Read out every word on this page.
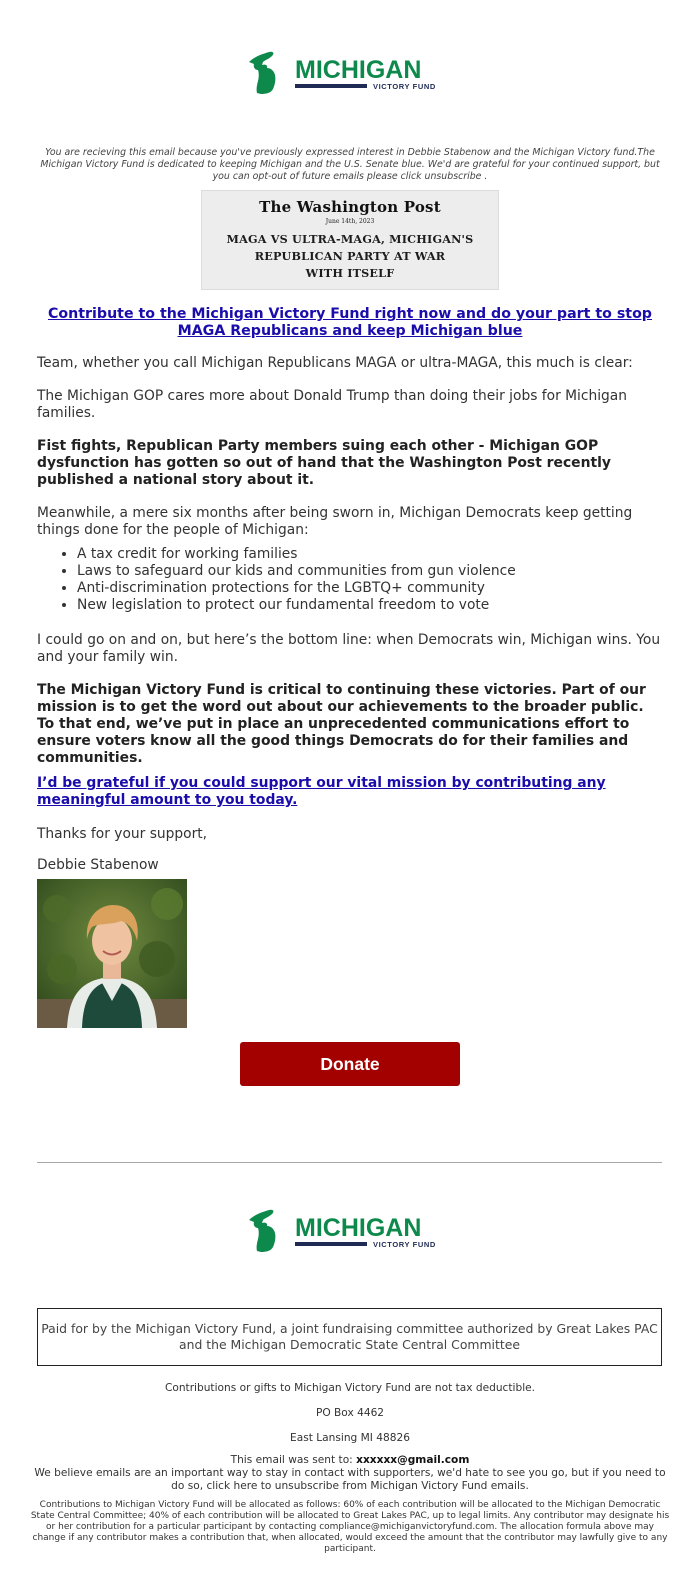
MICHIGAN
VICTORY FUND

You are recieving this email because you've previously expressed interest in Debbie Stabenow and the Michigan Victory fund.The Michigan Victory Fund is dedicated to keeping Michigan and the U.S. Senate blue. We'd are grateful for your continued support, but you can opt-out of future emails please click unsubscribe .

The Washington Post
June 14th, 2023
MAGA VS ULTRA-MAGA, MICHIGAN'S
REPUBLICAN PARTY AT WAR
WITH ITSELF
Contribute to the Michigan Victory Fund right now and do your part to stop MAGA Republicans and keep Michigan blue

Team, whether you call Michigan Republicans MAGA or ultra-MAGA, this much is clear:

The Michigan GOP cares more about Donald Trump than doing their jobs for Michigan families.

Fist fights, Republican Party members suing each other - Michigan GOP dysfunction has gotten so out of hand that the Washington Post recently published a national story about it.

Meanwhile, a mere six months after being sworn in, Michigan Democrats keep getting things done for the people of Michigan:

• A tax credit for working families
• Laws to safeguard our kids and communities from gun violence
• Anti-discrimination protections for the LGBTQ+ community
• New legislation to protect our fundamental freedom to vote

I could go on and on, but here’s the bottom line: when Democrats win, Michigan wins. You and your family win.

The Michigan Victory Fund is critical to continuing these victories. Part of our mission is to get the word out about our achievements to the broader public. To that end, we’ve put in place an unprecedented communications effort to ensure voters know all the good things Democrats do for their families and communities.

I’d be grateful if you could support our vital mission by contributing any meaningful amount to you today.

Thanks for your support,

Debbie Stabenow

Donate
MICHIGAN
VICTORY FUND
Paid for by the Michigan Victory Fund, a joint fundraising committee authorized by Great Lakes PAC and the Michigan Democratic State Central Committee

Contributions or gifts to Michigan Victory Fund are not tax deductible.

PO Box 4462

East Lansing MI 48826

This email was sent to: xxxxxx@gmail.com

We believe emails are an important way to stay in contact with supporters, we'd hate to see you go, but if you need to do so, click here to unsubscribe from Michigan Victory Fund emails.

Contributions to Michigan Victory Fund will be allocated as follows: 60% of each contribution will be allocated to the Michigan Democratic State Central Committee; 40% of each contribution will be allocated to Great Lakes PAC, up to legal limits. Any contributor may designate his or her contribution for a particular participant by contacting compliance@michiganvictoryfund.com. The allocation formula above may change if any contributor makes a contribution that, when allocated, would exceed the amount that the contributor may lawfully give to any participant.
